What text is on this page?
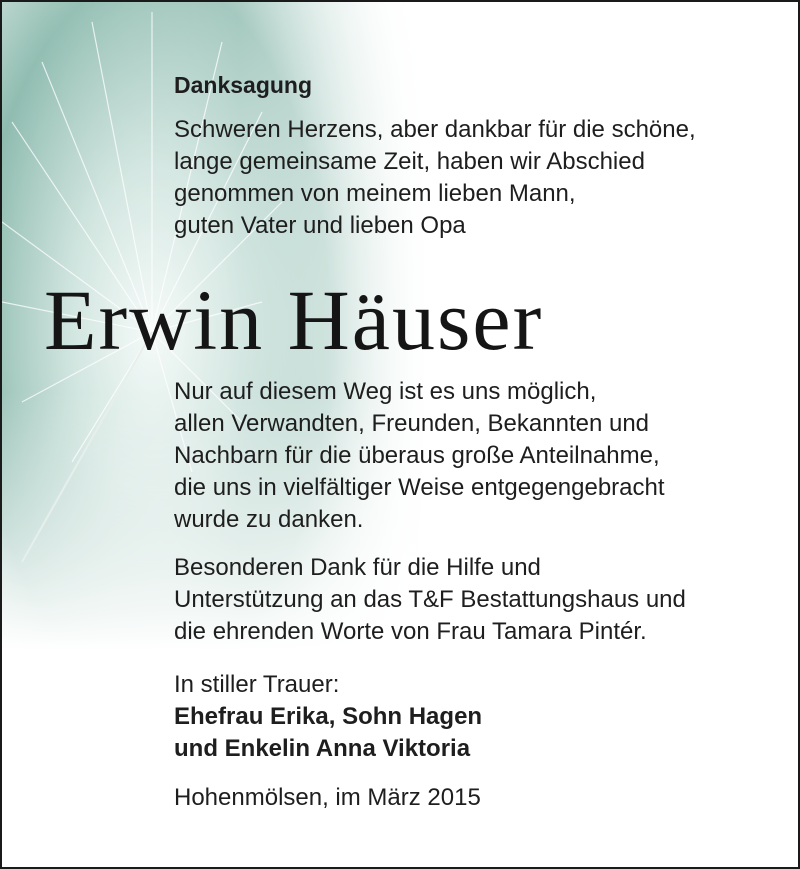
Danksagung

Schweren Herzens, aber dankbar für die schöne,
lange gemeinsame Zeit, haben wir Abschied
genommen von meinem lieben Mann,
guten Vater und lieben Opa

Erwin Häuser

Nur auf diesem Weg ist es uns möglich,
allen Verwandten, Freunden, Bekannten und
Nachbarn für die überaus große Anteilnahme,
die uns in vielfältiger Weise entgegengebracht
wurde zu danken.

Besonderen Dank für die Hilfe und
Unterstützung an das T&F Bestattungshaus und
die ehrenden Worte von Frau Tamara Pintér.

In stiller Trauer:
Ehefrau Erika, Sohn Hagen
und Enkelin Anna Viktoria

Hohenmölsen, im März 2015
